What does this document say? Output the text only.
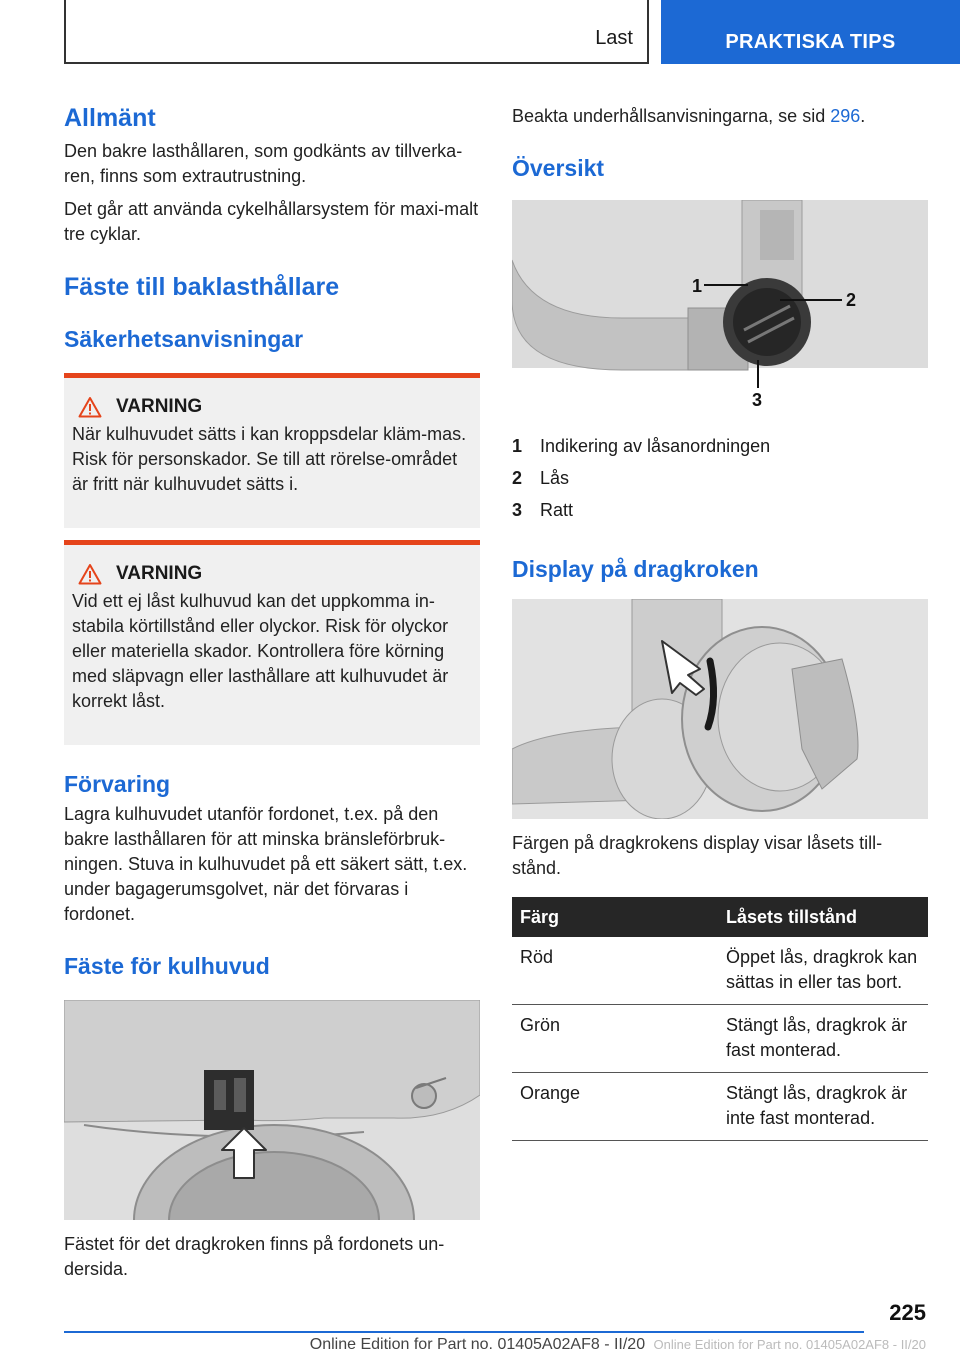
Last	PRAKTISKA TIPS
Allmänt

Den bakre lasthållaren, som godkänts av tillverka-ren, finns som extrautrustning.

Det går att använda cykelhållarsystem för maxi-malt tre cyklar.

Fäste till baklasthållare
Säkerhetsanvisningar
VARNING

När kulhuvudet sätts i kan kroppsdelar kläm-mas. Risk för personskador. Se till att rörelse-området är fritt när kulhuvudet sätts i.

VARNING

Vid ett ej låst kulhuvud kan det uppkomma in-stabila körtillstånd eller olyckor. Risk för olyckor eller materiella skador. Kontrollera före körning med släpvagn eller lasthållare att kulhuvudet är korrekt låst.

Förvaring

Lagra kulhuvudet utanför fordonet, t.ex. på den bakre lasthållaren för att minska bränsleförbruk-ningen. Stuva in kulhuvudet på ett säkert sätt, t.ex. under bagagerumsgolvet, när det förvaras i fordonet.

Fäste för kulhuvud

Fästet för det dragkroken finns på fordonets un-dersida.

Beakta underhållsanvisningarna, se sid 296.

Översikt
1
2
3
1 Indikering av låsanordningen
2 Lås
3 Ratt
Display på dragkroken

Färgen på dragkrokens display visar låsets till-stånd.

Färg	Låsets tillstånd
Röd	Öppet lås, dragkrok kan sättas in eller tas bort.
Grön	Stängt lås, dragkrok är fast monterad.
Orange	Stängt lås, dragkrok är inte fast monterad.
225
Online Edition for Part no. 01405A02AF8 - II/20 Online Edition for Part no. 01405A02AF8 - II/20
